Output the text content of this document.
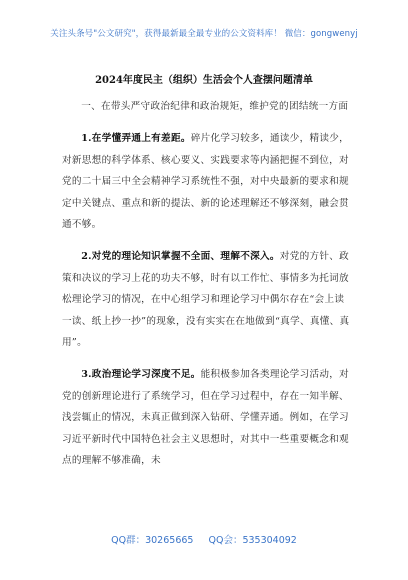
关注头条号"公文研究"，获得最新最全最专业的公文资料库！ 微信：gongwenyj
2024年度民主（组织）生活会个人查摆问题清单

一、在带头严守政治纪律和政治规矩，维护党的团结统一方面

1.在学懂弄通上有差距。碎片化学习较多，通读少，精读少，对新思想的科学体系、核心要义、实践要求等内涵把握不到位，对党的二十届三中全会精神学习系统性不强，对中央最新的要求和规定中关键点、重点和新的提法、新的论述理解还不够深刻，融会贯通不够。

2.对党的理论知识掌握不全面、理解不深入。对党的方针、政策和决议的学习上花的功夫不够，时有以工作忙、事情多为托词放松理论学习的情况，在中心组学习和理论学习中偶尔存在“会上读一读、纸上抄一抄”的现象，没有实实在在地做到“真学、真懂、真用”。

3.政治理论学习深度不足。能积极参加各类理论学习活动，对党的创新理论进行了系统学习，但在学习过程中，存在一知半解、浅尝辄止的情况，未真正做到深入钻研、学懂弄通。例如，在学习习近平新时代中国特色社会主义思想时，对其中一些重要概念和观点的理解不够准确，未

QQ群：30265665 QQ会：535304092
